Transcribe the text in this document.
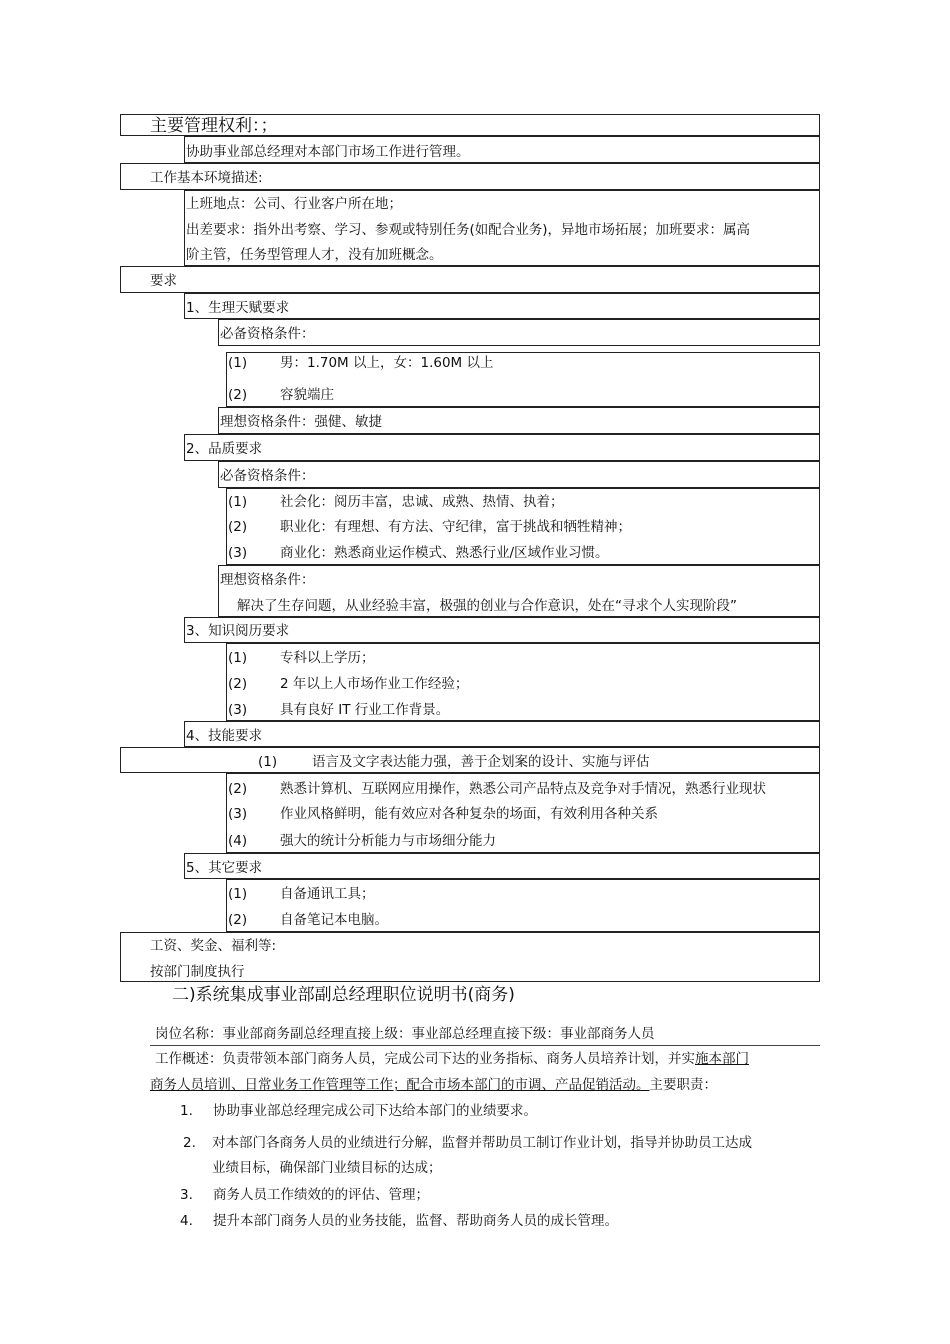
主要管理权利：；
协助事业部总经理对本部门市场工作进行管理。
工作基本环境描述:
上班地点：公司、行业客户所在地；
出差要求：指外出考察、学习、参观或特别任务(如配合业务)，异地市场拓展；加班要求：属高
阶主管，任务型管理人才，没有加班概念。
要求
1、生理天赋要求
必备资格条件：
(1) 男：1.70M 以上，女：1.60M 以上
(2) 容貌端庄
理想资格条件：强健、敏捷
2、品质要求
必备资格条件：
(1) 社会化：阅历丰富，忠诚、成熟、热情、执着；
(2) 职业化：有理想、有方法、守纪律，富于挑战和牺牲精神；
(3) 商业化：熟悉商业运作模式、熟悉行业/区域作业习惯。
理想资格条件：
解决了生存问题，从业经验丰富，极强的创业与合作意识，处在“寻求个人实现阶段”
3、知识阅历要求
(1) 专科以上学历；
(2) 2 年以上人市场作业工作经验；
(3) 具有良好 IT 行业工作背景。
4、技能要求
(1)	语言及文字表达能力强，善于企划案的设计、实施与评估
(2) 熟悉计算机、互联网应用操作，熟悉公司产品特点及竞争对手情况，熟悉行业现状
(3) 作业风格鲜明，能有效应对各种复杂的场面，有效利用各种关系
(4) 强大的统计分析能力与市场细分能力
5、其它要求
(1) 自备通讯工具；
(2) 自备笔记本电脑。
工资、奖金、福利等:
按部门制度执行
二)系统集成事业部副总经理职位说明书(商务)
岗位名称：事业部商务副总经理直接上级：事业部总经理直接下级：事业部商务人员
工作概述：负责带领本部门商务人员，完成公司下达的业务指标、商务人员培养计划，并实施本部门
商务人员培训、日常业务工作管理等工作；配合市场本部门的市调、产品促销活动。主要职责：
1. 协助事业部总经理完成公司下达给本部门的业绩要求。
2. 对本部门各商务人员的业绩进行分解，监督并帮助员工制订作业计划，指导并协助员工达成
业绩目标，确保部门业绩目标的达成；
3. 商务人员工作绩效的的评估、管理；
4. 提升本部门商务人员的业务技能，监督、帮助商务人员的成长管理。
